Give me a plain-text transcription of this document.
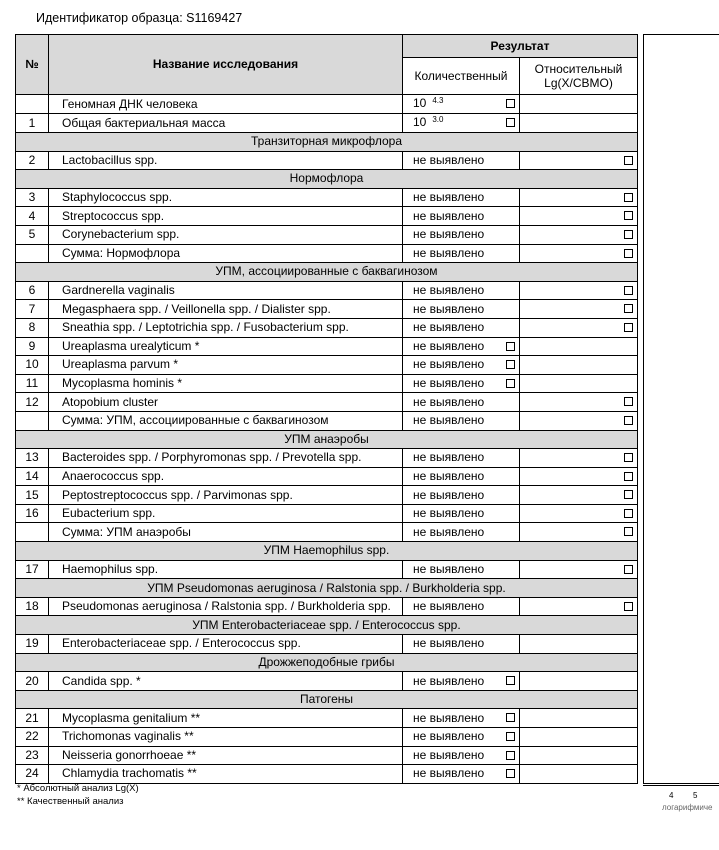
Идентификатор образца: S1169427
№	Название исследования	Результат	
		Количественный	Относительный Lg(X/CBMO)
	Геномная ДНК человека	10 $^{4.3}$

1	Общая бактериальная масса	10 $^{3.0}$

Транзиторная микрофлора			
2	Lactobacillus spp.	не выявлено	

Нормофлора			
3	Staphylococcus spp.	не выявлено	

4	Streptococcus spp.	не выявлено	

5	Corynebacterium spp.	не выявлено	

	Сумма: Нормофлора	не выявлено	

УПМ, ассоциированные с баквагинозом			
6	Gardnerella vaginalis	не выявлено	

7	Megasphaera spp. / Veillonella spp. / Dialister spp.	не выявлено	

8	Sneathia spp. / Leptotrichia spp. / Fusobacterium spp.	не выявлено	

9	Ureaplasma urealyticum *	не выявлено

10	Ureaplasma parvum *	не выявлено

11	Mycoplasma hominis *	не выявлено

12	Atopobium cluster	не выявлено	

	Сумма: УПМ, ассоциированные с баквагинозом	не выявлено	

УПМ анаэробы			
13	Bacteroides spp. / Porphyromonas spp. / Prevotella spp.	не выявлено	

14	Anaerococcus spp.	не выявлено	

15	Peptostreptococcus spp. / Parvimonas spp.	не выявлено	

16	Eubacterium spp.	не выявлено	

	Сумма: УПМ анаэробы	не выявлено	

УПМ Haemophilus spp.			
17	Haemophilus spp.	не выявлено	

УПМ Pseudomonas aeruginosa / Ralstonia spp. / Burkholderia spp.			
18	Pseudomonas aeruginosa / Ralstonia spp. / Burkholderia spp.	не выявлено	

УПМ Enterobacteriaceae spp. / Enterococcus spp.			
19	Enterobacteriaceae spp. / Enterococcus spp.	не выявлено	
Дрожжеподобные грибы			
20	Candida spp. *	не выявлено

Патогены			
21	Mycoplasma genitalium **	не выявлено

22	Trichomonas vaginalis **	не выявлено

23	Neisseria gonorrhoeae **	не выявлено

24	Chlamydia trachomatis **	не выявлено

* Абсолютный анализ Lg(X)
** Качественный анализ
4 5
логарифмиче
